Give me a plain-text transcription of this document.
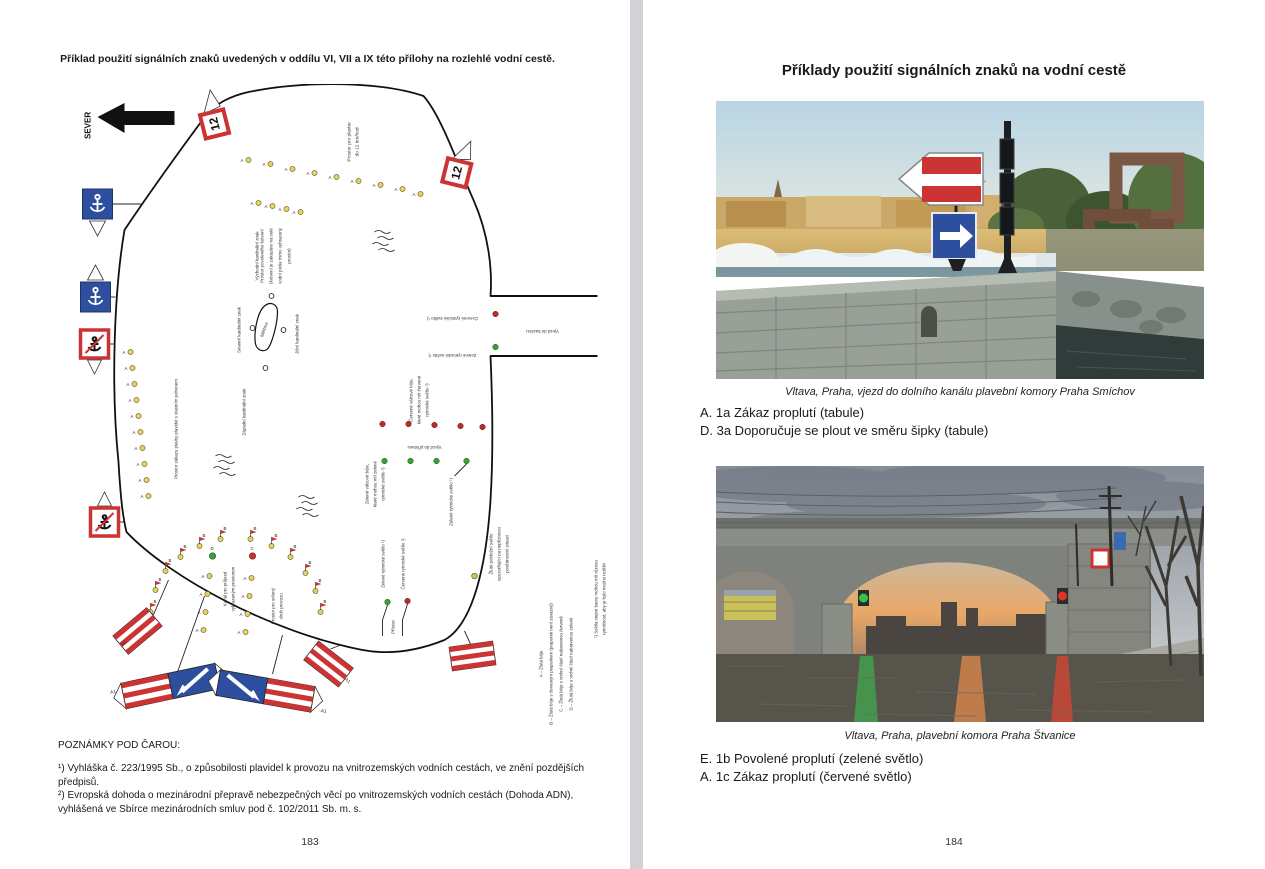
Příklad použití signálních znaků uvedených v oddílu VI, VII a IX této přílohy na rozlehlé vodní cestě.
SEVER
Červené rytmické světlo ¹)
Zelené rytmické světlo ¹)
Vjezd do bazénu
12
12
Prostor pro plavbu do 12 km/hod
Prostor povoleného kotvení (kotvení je zakázáno na celé vodní ploše mimo vyhrazený prostor)
Prostor zákazu plavby plavidel s vlastním pohonem
Mělčina
Východní kardinální znak
Severní kardinální znak	Jižní kardinální znak
Západní kardinální znak
Vjezd do přístavu
Červené válcové bóje, které mohou mít červené rytmické světlo ¹)
Zelené válcové bóje, které mohou mít zelené rytmické světlo ¹)	Zelené rytmické světlo ¹)
Žluté pobřežní světlo upozorňující na nepříznivou povětrnostní situaci
¹) Světla stejné barvy mohou mít různou rytmičnost, aby je bylo možno rozlišit
Zelené rytmické světlo ¹)	Červené rytmické světlo ¹)
Přístav
Kanál pro průjezd vyhrazeným prostorem	Prostor pro určený druh provozu
A1
A1
A1
A1
A – Žlutá bóje B – Žlutá bóje s červeným praporkem (praporek není závazný) C – Žlutá bóje s vrchní částí nabarvenou červeně D – Žlutá bóje s vrchní částí nabarvenou zeleně
POZNÁMKY POD ČAROU:

¹) Vyhláška č. 223/1995 Sb., o způsobilosti plavidel k provozu na vnitrozemských vodních cestách, ve znění pozdějších předpisů.

²) Evropská dohoda o mezinárodní přepravě nebezpečných věcí po vnitrozemských vodních cestách (Dohoda ADN), vyhlášená ve Sbírce mezinárodních smluv pod č. 102/2011 Sb. m. s.

183
Příklady použití signálních znaků na vodní cestě
Vltava, Praha, vjezd do dolního kanálu plavební komory Praha Smíchov
A. 1a Zákaz proplutí (tabule)
D. 3a Doporučuje se plout ve směru šipky (tabule)
Vltava, Praha, plavební komora Praha Štvanice
E. 1b Povolené proplutí (zelené světlo)
A. 1c Zákaz proplutí (červené světlo)
184
